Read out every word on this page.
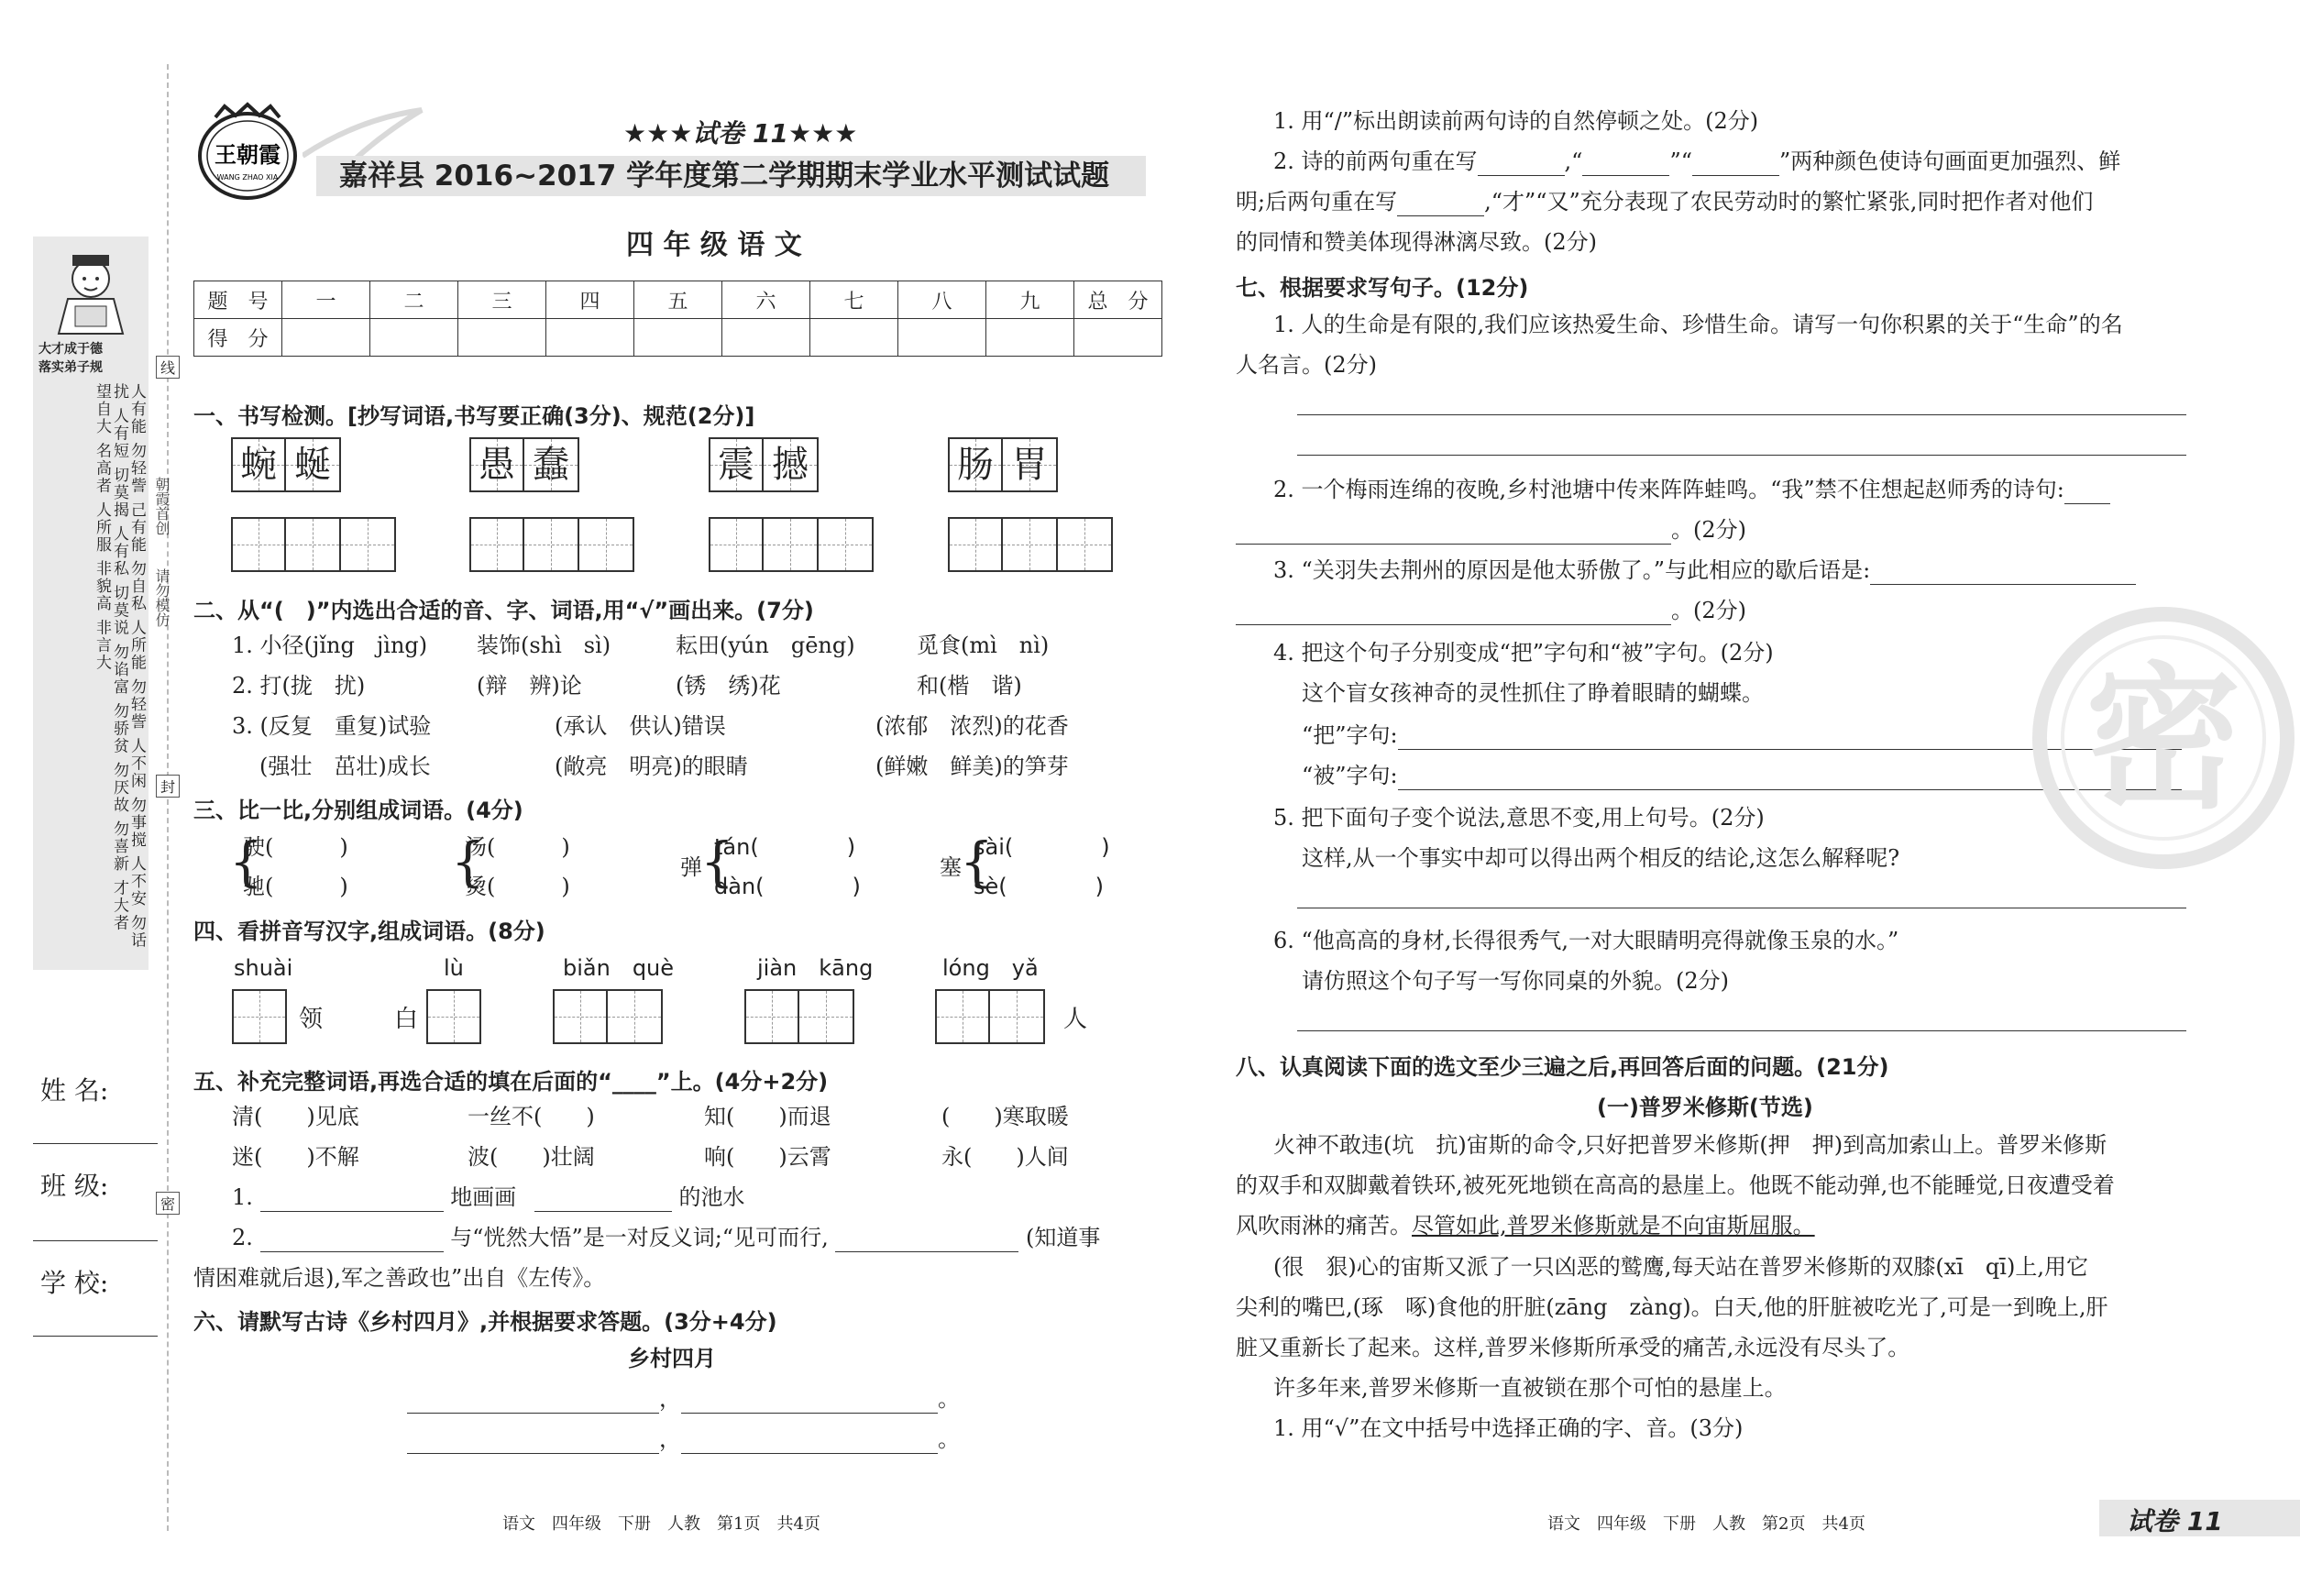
线
封
密
朝霞首创
请勿模仿
大才成于德
落实弟子规
人有能 勿轻訾 己有能 勿自私 人所能 勿轻訾 人不闲 勿事搅 人不安 勿话扰 人有短 切莫揭 人有私 切莫说 勿谄富 勿骄贫 勿厌故 勿喜新 才大者 望自大 名高者 人所服 非貌高 非言大
姓 名:
班 级:
学 校:
王朝霞
WANG ZHAO XIA
★★★试卷 11★★★
嘉祥县 2016~2017 学年度第二学期期末学业水平测试试题
四 年 级 语 文
题　号	一	二	三	四	五	六	七	八	九	总　分
得　分										
一、书写检测。[抄写词语,书写要正确(3分)、规范(2分)]
蜿 蜒	愚 蠢	震 撼	肠 胃
二、从“(　)”内选出合适的音、字、词语,用“√”画出来。(7分)
1. 小径(jǐng　jìng) 装饰(shì　sì)	耘田(yún　gēng)	觅食(mì　nì)
2. 打(拢　扰)	(辩　辨)论	(锈　绣)花	和(楷　谐)
3. (反复　重复)试验	(承认　供认)错误	(浓郁　浓烈)的花香
(强壮　茁壮)成长	(敞亮　明亮)的眼睛	(鲜嫩　鲜美)的笋芽
三、比一比,分别组成词语。(4分)
{
驶(　　　)
驰(　　　) {
汤(　　　)
烫(　　　)
弹
{
tán(　　　　)
dàn(　　　　)
塞
{
sài(　　　　)
sè(　　　　)
四、看拼音写汉字,组成词语。(8分)
shuài	lù	biǎn　què	jiàn　kāng	lóng　yǎ
领	白	人
五、补充完整词语,再选合适的填在后面的“____”上。(4分+2分)
清(　　)见底	一丝不(　　)	知(　　)而退	(　　)寒取暖
迷(　　)不解	波(　　)壮阔	响(　　)云霄	永(　　)人间
1.	地画画	的池水
2.	与“恍然大悟”是一对反义词;“见可而行,	(知道事
情困难就后退),军之善政也”出自《左传》。
六、请默写古诗《乡村四月》,并根据要求答题。(3分+4分)
乡村四月
，	。
，	。
语文　四年级　下册　人教　第1页　共4页
1. 用“/”标出朗读前两句诗的自然停顿之处。(2分)
2. 诗的前两句重在写	,“	”“	”两种颜色使诗句画面更加强烈、鲜
明;后两句重在写	,“才”“又”充分表现了农民劳动时的繁忙紧张,同时把作者对他们
的同情和赞美体现得淋漓尽致。(2分)
七、根据要求写句子。(12分)
1. 人的生命是有限的,我们应该热爱生命、珍惜生命。请写一句你积累的关于“生命”的名
人名言。(2分)
2. 一个梅雨连绵的夜晚,乡村池塘中传来阵阵蛙鸣。“我”禁不住想起赵师秀的诗句:
。(2分)
3. “关羽失去荆州的原因是他太骄傲了。”与此相应的歇后语是:
。(2分)
4. 把这个句子分别变成“把”字句和“被”字句。(2分)
这个盲女孩神奇的灵性抓住了睁着眼睛的蝴蝶。
“把”字句:
“被”字句:
5. 把下面句子变个说法,意思不变,用上句号。(2分)
这样,从一个事实中却可以得出两个相反的结论,这怎么解释呢?
6. “他高高的身材,长得很秀气,一对大眼睛明亮得就像玉泉的水。”
请仿照这个句子写一写你同桌的外貌。(2分)
八、认真阅读下面的选文至少三遍之后,再回答后面的问题。(21分)
(一)普罗米修斯(节选)
火神不敢违(坑　抗)宙斯的命令,只好把普罗米修斯(押　押)到高加索山上。普罗米修斯
的双手和双脚戴着铁环,被死死地锁在高高的悬崖上。他既不能动弹,也不能睡觉,日夜遭受着
风吹雨淋的痛苦。尽管如此,普罗米修斯就是不向宙斯屈服。
(很　狠)心的宙斯又派了一只凶恶的鹫鹰,每天站在普罗米修斯的双膝(xī　qī)上,用它
尖利的嘴巴,(琢　啄)食他的肝脏(zāng　zàng)。白天,他的肝脏被吃光了,可是一到晚上,肝
脏又重新长了起来。这样,普罗米修斯所承受的痛苦,永远没有尽头了。
许多年来,普罗米修斯一直被锁在那个可怕的悬崖上。
1. 用“√”在文中括号中选择正确的字、音。(3分)
密
语文　四年级　下册　人教　第2页　共4页	试卷 11
